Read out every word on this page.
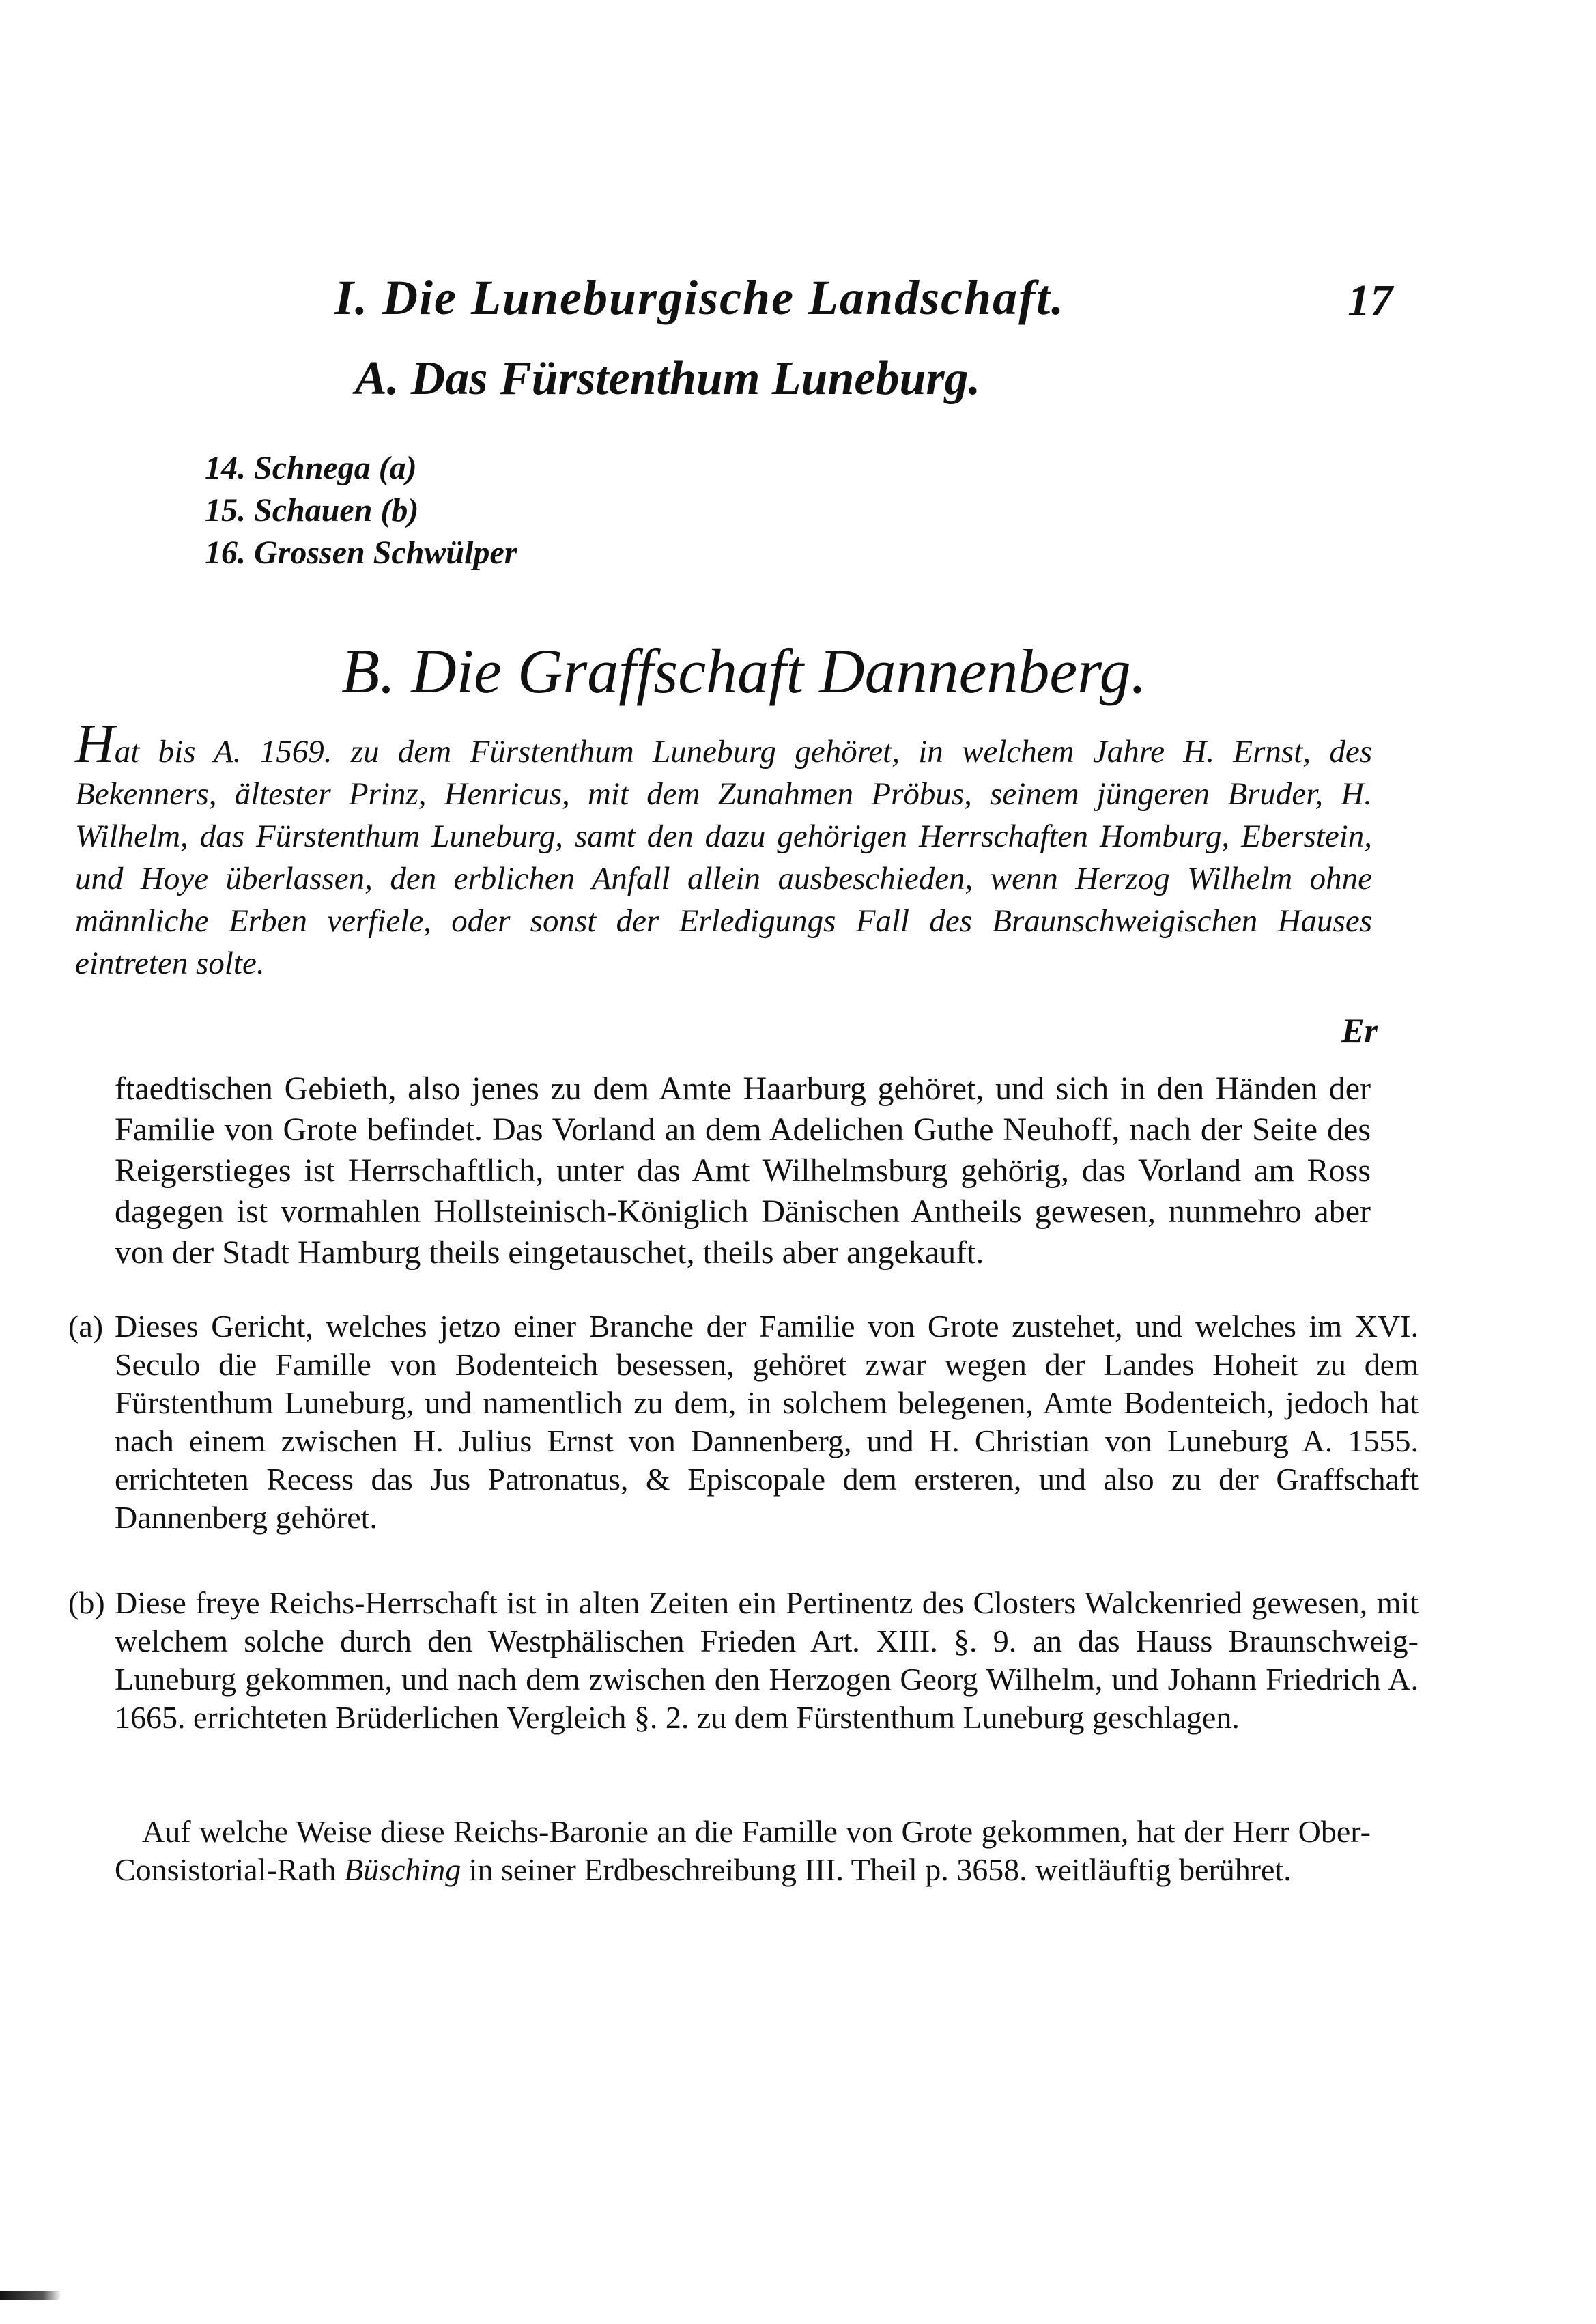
I. Die Luneburgische Landschaft.	17
A. Das Fürstenthum Luneburg.
14. Schnega (a)
15. Schauen (b)
16. Grossen Schwülper
B. Die Graffschaft Dannenberg.

Hat bis A. 1569. zu dem Fürstenthum Luneburg gehöret, in welchem Jahre H. Ernst, des Bekenners, ältester Prinz, Henricus, mit dem Zunahmen Pröbus, seinem jüngeren Bruder, H. Wilhelm, das Fürstenthum Luneburg, samt den dazu gehörigen Herrschaften Homburg, Eberstein, und Hoye überlassen, den erblichen Anfall allein ausbeschieden, wenn Herzog Wilhelm ohne männliche Erben verfiele, oder sonst der Erledigungs Fall des Braunschweigischen Hauses eintreten solte.

Er

ftaedtischen Gebieth, also jenes zu dem Amte Haarburg gehöret, und sich in den Händen der Familie von Grote befindet. Das Vorland an dem Adelichen Guthe Neuhoff, nach der Seite des Reigerstieges ist Herrschaftlich, unter das Amt Wilhelmsburg gehörig, das Vorland am Ross dagegen ist vormahlen Hollsteinisch-Königlich Dänischen Antheils gewesen, nunmehro aber von der Stadt Hamburg theils eingetauschet, theils aber angekauft.

(a) Dieses Gericht, welches jetzo einer Branche der Familie von Grote zustehet, und welches im XVI. Seculo die Famille von Bodenteich besessen, gehöret zwar wegen der Landes Hoheit zu dem Fürstenthum Luneburg, und namentlich zu dem, in solchem belegenen, Amte Bodenteich, jedoch hat nach einem zwischen H. Julius Ernst von Dannenberg, und H. Christian von Luneburg A. 1555. errichteten Recess das Jus Patronatus, & Episcopale dem ersteren, und also zu der Graffschaft Dannenberg gehöret.

(b) Diese freye Reichs-Herrschaft ist in alten Zeiten ein Pertinentz des Closters Walckenried gewesen, mit welchem solche durch den Westphälischen Frieden Art. XIII. §. 9. an das Hauss Braunschweig-Luneburg gekommen, und nach dem zwischen den Herzogen Georg Wilhelm, und Johann Friedrich A. 1665. errichteten Brüderlichen Vergleich §. 2. zu dem Fürstenthum Luneburg geschlagen.

Auf welche Weise diese Reichs-Baronie an die Famille von Grote gekommen, hat der Herr Ober-Consistorial-Rath Büsching in seiner Erdbeschreibung III. Theil p. 3658. weitläuftig berühret.
